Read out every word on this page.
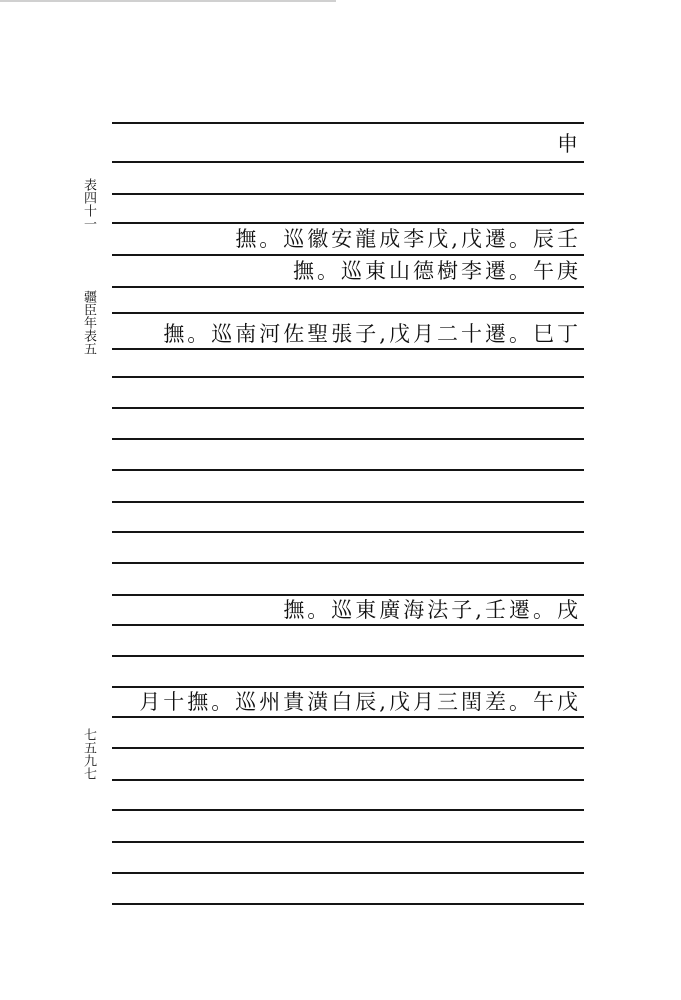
表四十一
疆臣年表五
七五九七
申
撫。巡徽安龍成李戊,戊遷。辰壬
撫。巡東山德樹李遷。午庚
撫。巡南河佐聖張子,戊月二十遷。巳丁
撫。巡東廣海法子,壬遷。戌
月十撫。巡州貴潢白辰,戊月三閏差。午戊
